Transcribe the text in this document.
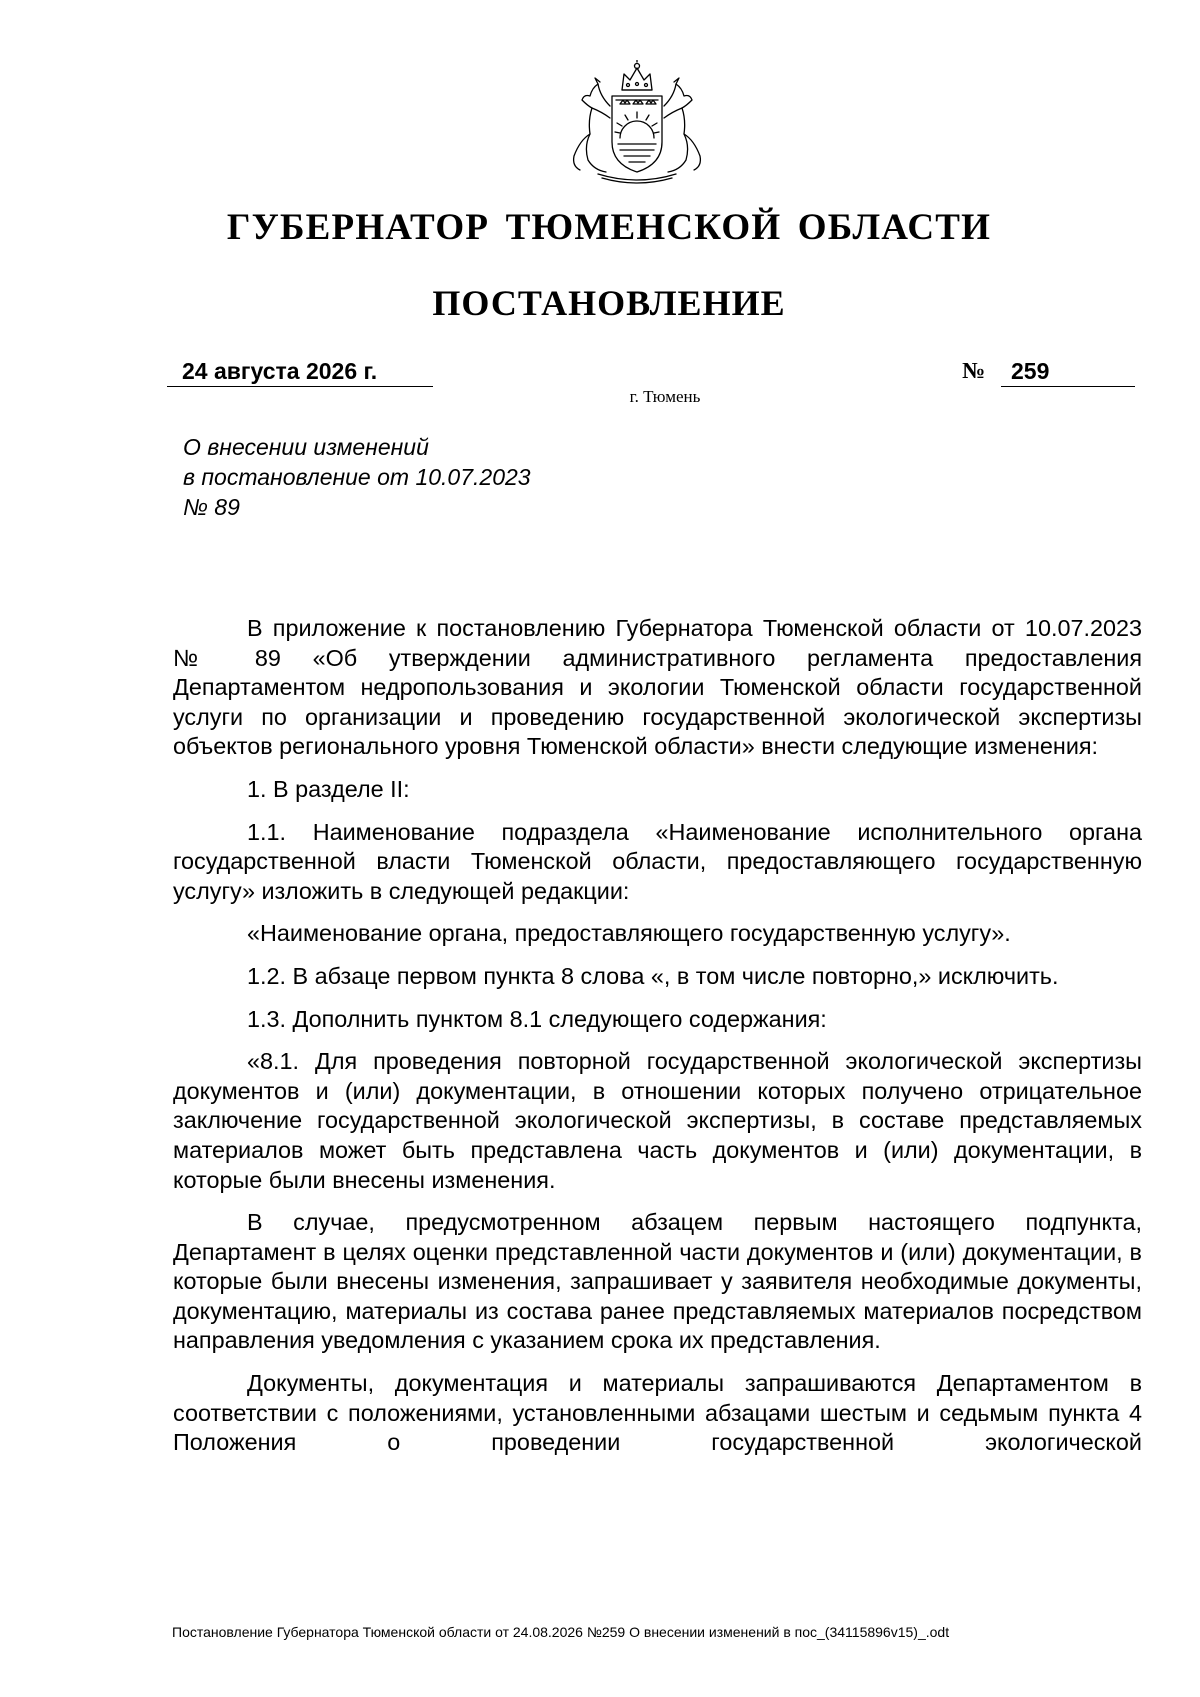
ГУБЕРНАТОР ТЮМЕНСКОЙ ОБЛАСТИ
ПОСТАНОВЛЕНИЕ
24 августа 2026 г.	№	259
г. Тюмень
О внесении изменений
в постановление от 10.07.2023
№ 89

В приложение к постановлению Губернатора Тюменской области от 10.07.2023 № 89 «Об утверждении административного регламента предоставления Департаментом недропользования и экологии Тюменской области государственной услуги по организации и проведению государственной экологической экспертизы объектов регионального уровня Тюменской области» внести следующие изменения:

1. В разделе II:

1.1. Наименование подраздела «Наименование исполнительного органа государственной власти Тюменской области, предоставляющего государственную услугу» изложить в следующей редакции:

«Наименование органа, предоставляющего государственную услугу».

1.2. В абзаце первом пункта 8 слова «, в том числе повторно,» исключить.

1.3. Дополнить пунктом 8.1 следующего содержания:

«8.1. Для проведения повторной государственной экологической экспертизы документов и (или) документации, в отношении которых получено отрицательное заключение государственной экологической экспертизы, в составе представляемых материалов может быть представлена часть документов и (или) документации, в которые были внесены изменения.

В случае, предусмотренном абзацем первым настоящего подпункта, Департамент в целях оценки представленной части документов и (или) документации, в которые были внесены изменения, запрашивает у заявителя необходимые документы, документацию, материалы из состава ранее представляемых материалов посредством направления уведомления с указанием срока их представления.

Документы, документация и материалы запрашиваются Департаментом в соответствии с положениями, установленными абзацами шестым и седьмым пункта 4 Положения о проведении государственной экологической

Постановление Губернатора Тюменской области от 24.08.2026 №259 О внесении изменений в пос_(34115896v15)_.odt
